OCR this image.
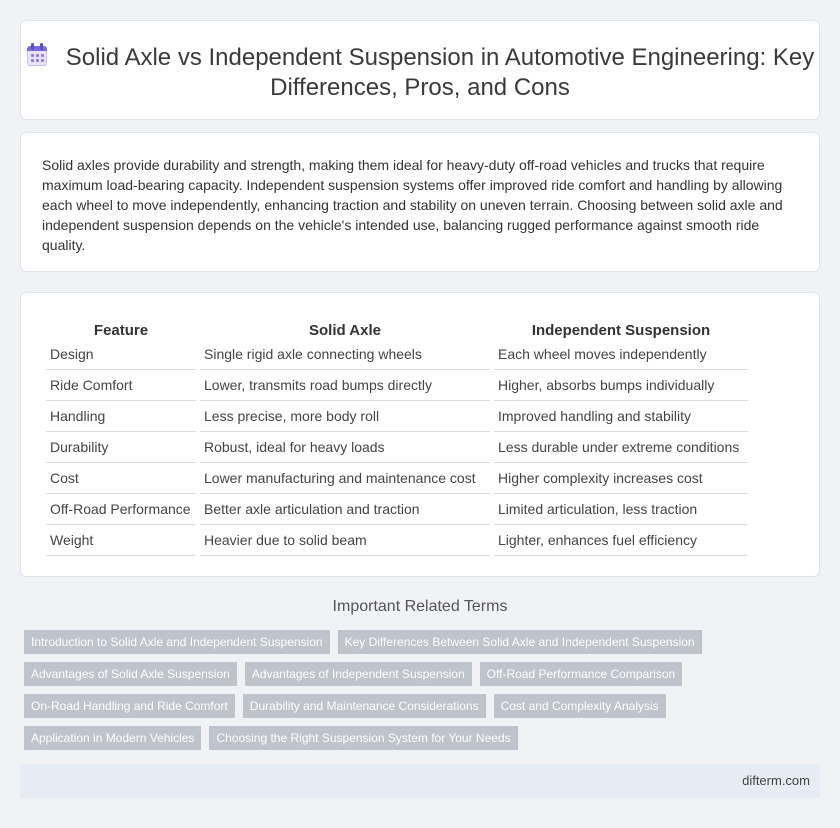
Solid Axle vs Independent Suspension in Automotive Engineering: Key Differences, Pros, and Cons

Solid axles provide durability and strength, making them ideal for heavy-duty off-road vehicles and trucks that require maximum load-bearing capacity. Independent suspension systems offer improved ride comfort and handling by allowing each wheel to move independently, enhancing traction and stability on uneven terrain. Choosing between solid axle and independent suspension depends on the vehicle's intended use, balancing rugged performance against smooth ride quality.

Feature	Solid Axle	Independent Suspension
Design	Single rigid axle connecting wheels	Each wheel moves independently
Ride Comfort	Lower, transmits road bumps directly	Higher, absorbs bumps individually
Handling	Less precise, more body roll	Improved handling and stability
Durability	Robust, ideal for heavy loads	Less durable under extreme conditions
Cost	Lower manufacturing and maintenance cost	Higher complexity increases cost
Off-Road Performance	Better axle articulation and traction	Limited articulation, less traction
Weight	Heavier due to solid beam	Lighter, enhances fuel efficiency
Important Related Terms
Introduction to Solid Axle and Independent Suspension	Key Differences Between Solid Axle and Independent Suspension
Advantages of Solid Axle Suspension	Advantages of Independent Suspension	Off-Road Performance Comparison
On-Road Handling and Ride Comfort	Durability and Maintenance Considerations	Cost and Complexity Analysis
Application in Modern Vehicles	Choosing the Right Suspension System for Your Needs
difterm.com
